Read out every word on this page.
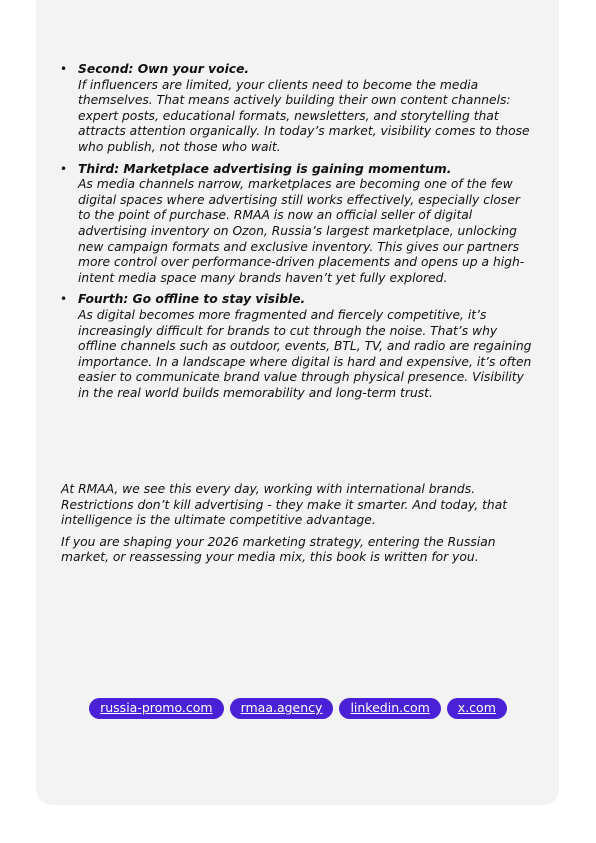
• Second: Own your voice.
If influencers are limited, your clients need to become the media themselves. That means actively building their own content channels: expert posts, educational formats, newsletters, and storytelling that attracts attention organically. In today’s market, visibility comes to those who publish, not those who wait.
• Third: Marketplace advertising is gaining momentum.
As media channels narrow, marketplaces are becoming one of the few digital spaces where advertising still works effectively, especially closer to the point of purchase. RMAA is now an official seller of digital advertising inventory on Ozon, Russia’s largest marketplace, unlocking new campaign formats and exclusive inventory. This gives our partners more control over performance-driven placements and opens up a high-intent media space many brands haven’t yet fully explored.
• Fourth: Go offline to stay visible.
As digital becomes more fragmented and fiercely competitive, it’s increasingly difficult for brands to cut through the noise. That’s why offline channels such as outdoor, events, BTL, TV, and radio are regaining importance. In a landscape where digital is hard and expensive, it’s often easier to communicate brand value through physical presence. Visibility in the real world builds memorability and long-term trust.

At RMAA, we see this every day, working with international brands. Restrictions don’t kill advertising - they make it smarter. And today, that intelligence is the ultimate competitive advantage.

If you are shaping your 2026 marketing strategy, entering the Russian market, or reassessing your media mix, this book is written for you.

russia-promo.com	rmaa.agency	linkedin.com	x.com
